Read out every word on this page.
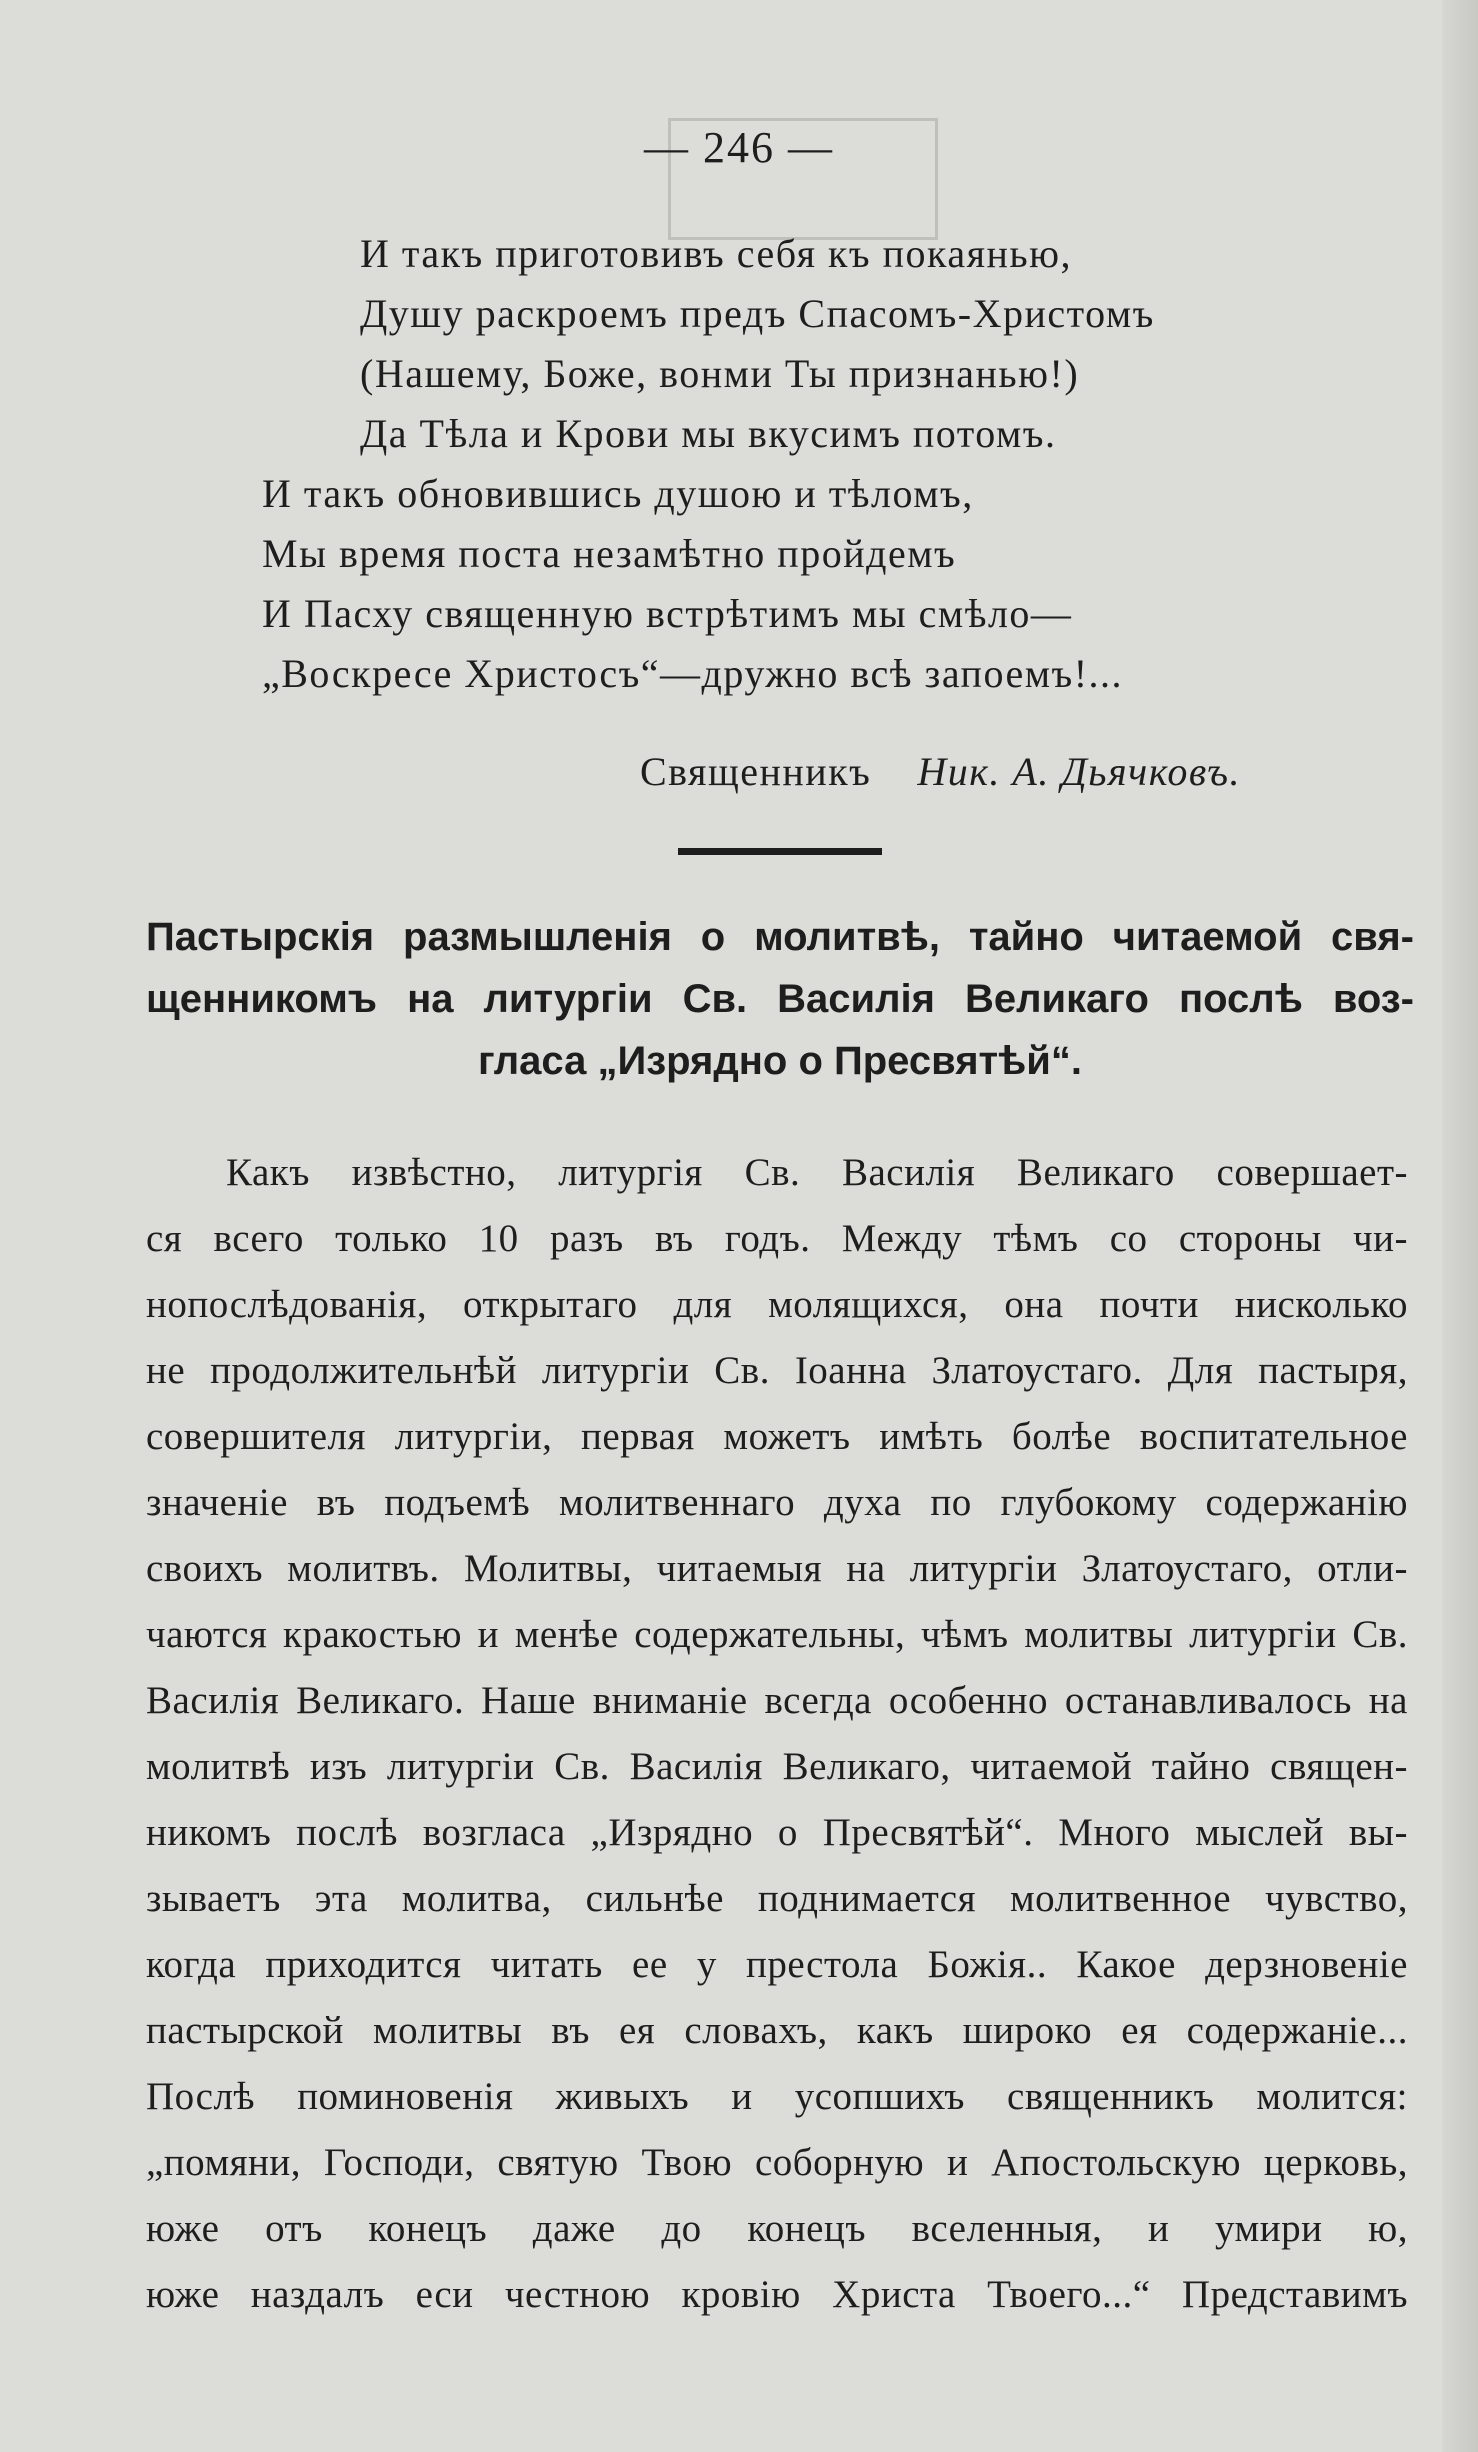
— 246 —
И такъ приготовивъ себя къ покаянью,
Душу раскроемъ предъ Спасомъ-Христомъ
(Нашему, Боже, вонми Ты признанью!)
Да Тѣла и Крови мы вкусимъ потомъ.
И такъ обновившись душою и тѣломъ,
Мы время поста незамѣтно пройдемъ
И Пасху священную встрѣтимъ мы смѣло—
„Воскресе Христосъ“—дружно всѣ запоемъ!...
Священникъ Ник. А. Дьячковъ.
Пастырскія размышленія о молитвѣ, тайно читаемой свя-
щенникомъ на литургіи Св. Василія Великаго послѣ воз-
гласа „Изрядно о Пресвятѣй“.
Какъ извѣстно, литургія Св. Василія Великаго совершает-
ся всего только 10 разъ въ годъ. Между тѣмъ со стороны чи-
нопослѣдованія, открытаго для молящихся, она почти нисколько
не продолжительнѣй литургіи Св. Іоанна Златоустаго. Для пастыря,
совершителя литургіи, первая можетъ имѣть болѣе воспитательное
значеніе въ подъемѣ молитвеннаго духа по глубокому содержанію
своихъ молитвъ. Молитвы, читаемыя на литургіи Златоустаго, отли-
чаются кракостью и менѣе содержательны, чѣмъ молитвы литургіи Св.
Василія Великаго. Наше вниманіе всегда особенно останавливалось на
молитвѣ изъ литургіи Св. Василія Великаго, читаемой тайно священ-
никомъ послѣ возгласа „Изрядно о Пресвятѣй“. Много мыслей вы-
зываетъ эта молитва, сильнѣе поднимается молитвенное чувство,
когда приходится читать ее у престола Божія.. Какое дерзновеніе
пастырской молитвы въ ея словахъ, какъ широко ея содержаніе...
Послѣ поминовенія живыхъ и усопшихъ священникъ молится:
„помяни, Господи, святую Твою соборную и Апостольскую церковь,
юже отъ конецъ даже до конецъ вселенныя, и умири ю,
юже наздалъ еси честною кровію Христа Твоего...“ Представимъ
